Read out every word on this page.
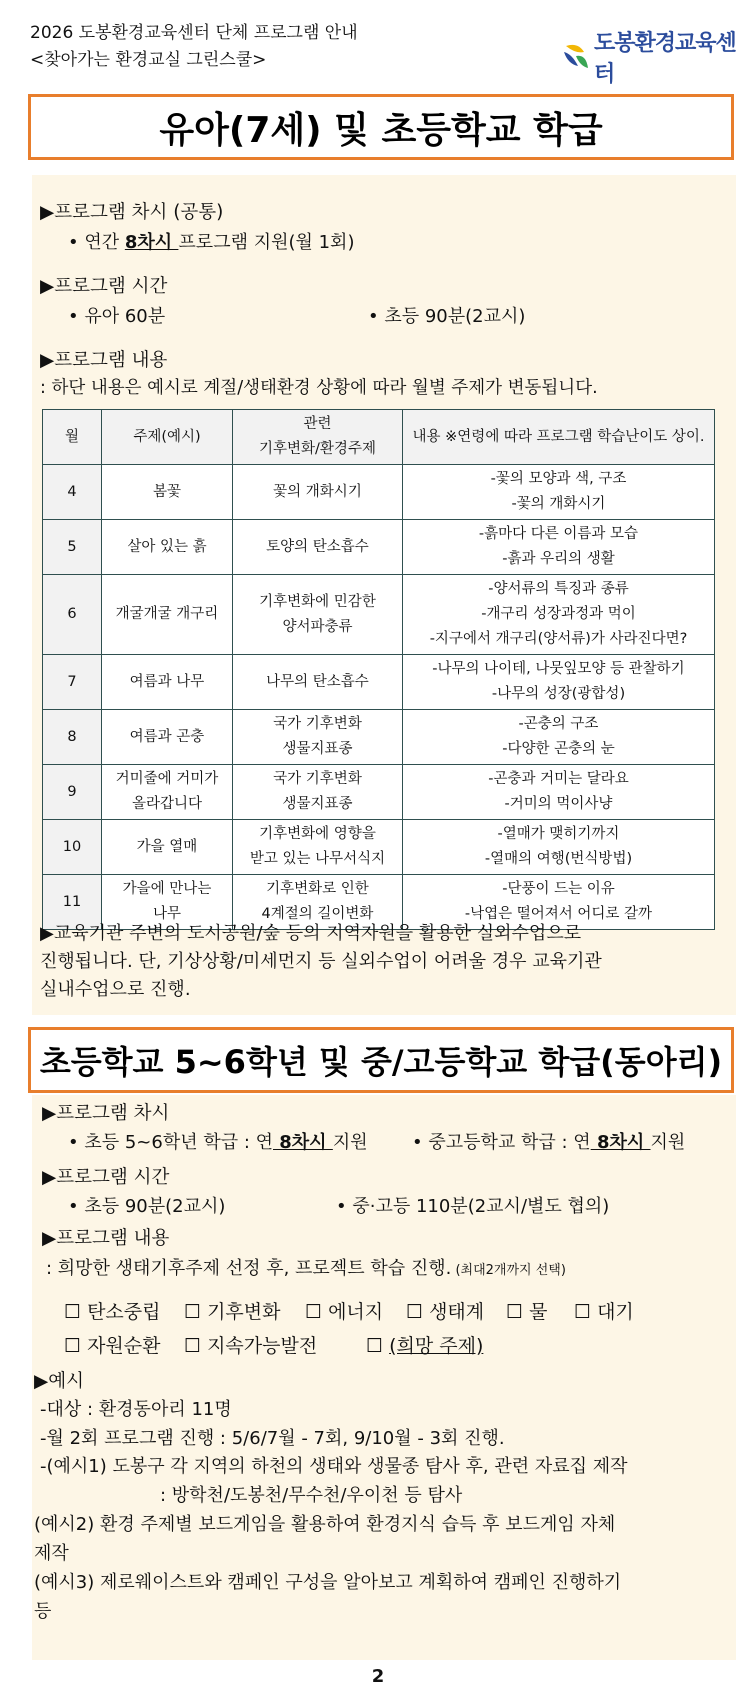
2026 도봉환경교육센터 단체 프로그램 안내
<찾아가는 환경교실 그린스쿨>
도봉환경교육센터
유아(7세) 및 초등학교 학급
▶프로그램 차시 (공통)
• 연간 8차시 프로그램 지원(월 1회)
▶프로그램 시간
• 유아 60분	• 초등 90분(2교시)
▶프로그램 내용
: 하단 내용은 예시로 계절/생태환경 상황에 따라 월별 주제가 변동됩니다.
월	주제(예시)	관련
기후변화/환경주제	내용 ※연령에 따라 프로그램 학습난이도 상이.
4	봄꽃	꽃의 개화시기	-꽃의 모양과 색, 구조
-꽃의 개화시기
5	살아 있는 흙	토양의 탄소흡수	-흙마다 다른 이름과 모습
-흙과 우리의 생활
6	개굴개굴 개구리	기후변화에 민감한
양서파충류	-양서류의 특징과 종류
-개구리 성장과정과 먹이
-지구에서 개구리(양서류)가 사라진다면?
7	여름과 나무	나무의 탄소흡수	-나무의 나이테, 나뭇잎모양 등 관찰하기
-나무의 성장(광합성)
8	여름과 곤충	국가 기후변화
생물지표종	-곤충의 구조
-다양한 곤충의 눈
9	거미줄에 거미가
올라갑니다	국가 기후변화
생물지표종	-곤충과 거미는 달라요
-거미의 먹이사냥
10	가을 열매	기후변화에 영향을
받고 있는 나무서식지	-열매가 맺히기까지
-열매의 여행(번식방법)
11	가을에 만나는
나무	기후변화로 인한
4계절의 길이변화	-단풍이 드는 이유
-낙엽은 떨어져서 어디로 갈까
▶교육기관 주변의 도시공원/숲 등의 지역자원을 활용한 실외수업으로
진행됩니다. 단, 기상상황/미세먼지 등 실외수업이 어려울 경우 교육기관
실내수업으로 진행.
초등학교 5~6학년 및 중/고등학교 학급(동아리)
▶프로그램 차시
• 초등 5~6학년 학급 : 연 8차시 지원 • 중고등학교 학급 : 연 8차시 지원
▶프로그램 시간
• 초등 90분(2교시)	• 중·고등 110분(2교시/별도 협의)
▶프로그램 내용
: 희망한 생태기후주제 선정 후, 프로젝트 학습 진행. (최대2개까지 선택)
☐ 탄소중립 ☐ 기후변화 ☐ 에너지 ☐ 생태계 ☐ 물 ☐ 대기
☐ 자원순환 ☐ 지속가능발전	☐ (희망 주제)
▶예시
-대상 : 환경동아리 11명
-월 2회 프로그램 진행 : 5/6/7월 - 7회, 9/10월 - 3회 진행.
-(예시1) 도봉구 각 지역의 하천의 생태와 생물종 탐사 후, 관련 자료집 제작
: 방학천/도봉천/무수천/우이천 등 탐사
(예시2) 환경 주제별 보드게임을 활용하여 환경지식 습득 후 보드게임 자체
제작
(예시3) 제로웨이스트와 캠페인 구성을 알아보고 계획하여 캠페인 진행하기
등
2
